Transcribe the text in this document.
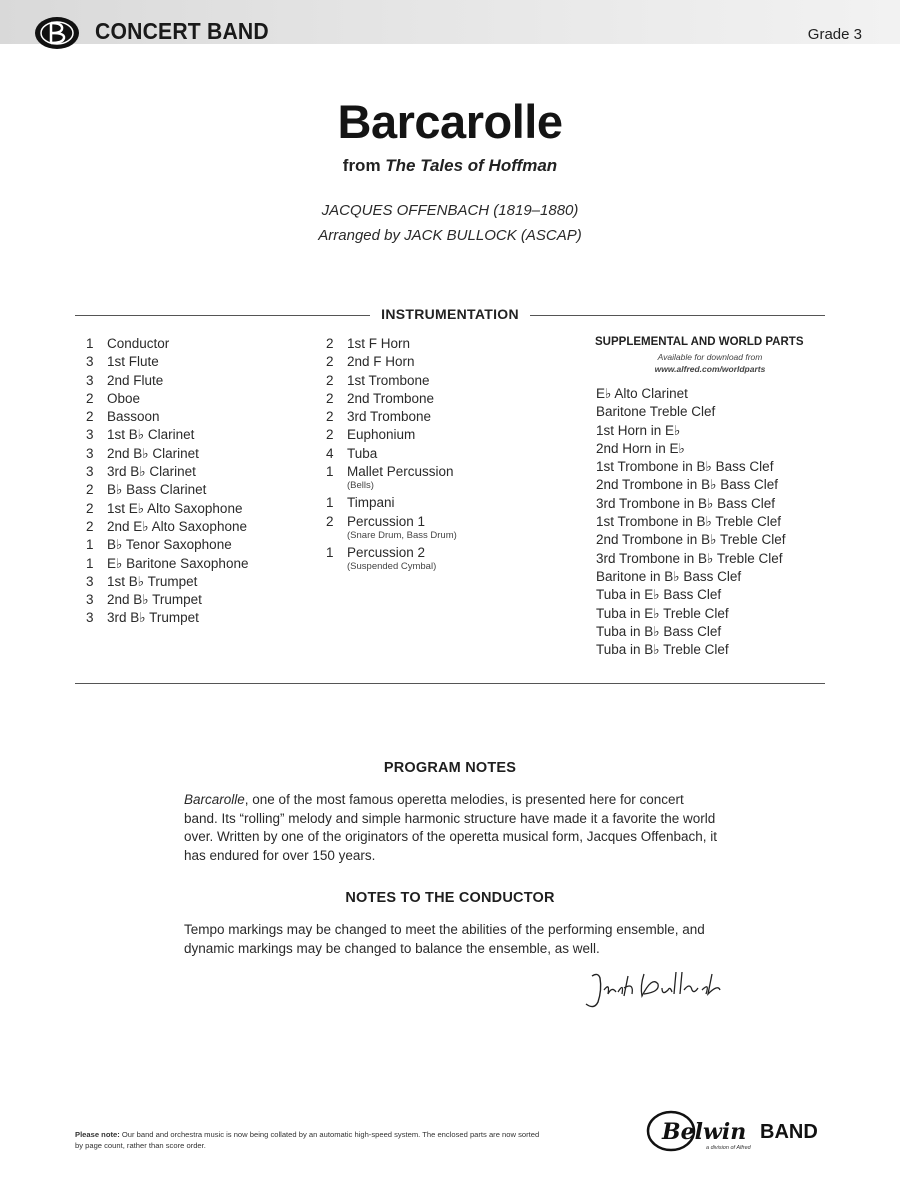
CONCERT BAND	Grade 3
Barcarolle
from The Tales of Hoffman
JACQUES OFFENBACH (1819–1880)
Arranged by JACK BULLOCK (ASCAP)
INSTRUMENTATION
1 Conductor
3 1st Flute
3 2nd Flute
2 Oboe
2 Bassoon
3 1st B♭ Clarinet
3 2nd B♭ Clarinet
3 3rd B♭ Clarinet
2 B♭ Bass Clarinet
2 1st E♭ Alto Saxophone
2 2nd E♭ Alto Saxophone
1 B♭ Tenor Saxophone
1 E♭ Baritone Saxophone
3 1st B♭ Trumpet
3 2nd B♭ Trumpet
3 3rd B♭ Trumpet
2 1st F Horn
2 2nd F Horn
2 1st Trombone
2 2nd Trombone
2 3rd Trombone
2 Euphonium
4 Tuba
1 Mallet Percussion
(Bells)
1 Timpani
2 Percussion 1
(Snare Drum, Bass Drum)
1 Percussion 2
(Suspended Cymbal)
SUPPLEMENTAL AND WORLD PARTS
Available for download from
www.alfred.com/worldparts
E♭ Alto Clarinet
Baritone Treble Clef
1st Horn in E♭
2nd Horn in E♭
1st Trombone in B♭ Bass Clef
2nd Trombone in B♭ Bass Clef
3rd Trombone in B♭ Bass Clef
1st Trombone in B♭ Treble Clef
2nd Trombone in B♭ Treble Clef
3rd Trombone in B♭ Treble Clef
Baritone in B♭ Bass Clef
Tuba in E♭ Bass Clef
Tuba in E♭ Treble Clef
Tuba in B♭ Bass Clef
Tuba in B♭ Treble Clef
PROGRAM NOTES

Barcarolle, one of the most famous operetta melodies, is presented here for concert band. Its “rolling” melody and simple harmonic structure have made it a favorite the world over. Written by one of the originators of the operetta musical form, Jacques Offenbach, it has endured for over 150 years.

NOTES TO THE CONDUCTOR

Tempo markings may be changed to meet the abilities of the performing ensemble, and dynamic markings may be changed to balance the ensemble, as well.

Please note: Our band and orchestra music is now being collated by an automatic high-speed system. The enclosed parts are now sorted by page count, rather than score order.

Belwin BAND
a division of Alfred
